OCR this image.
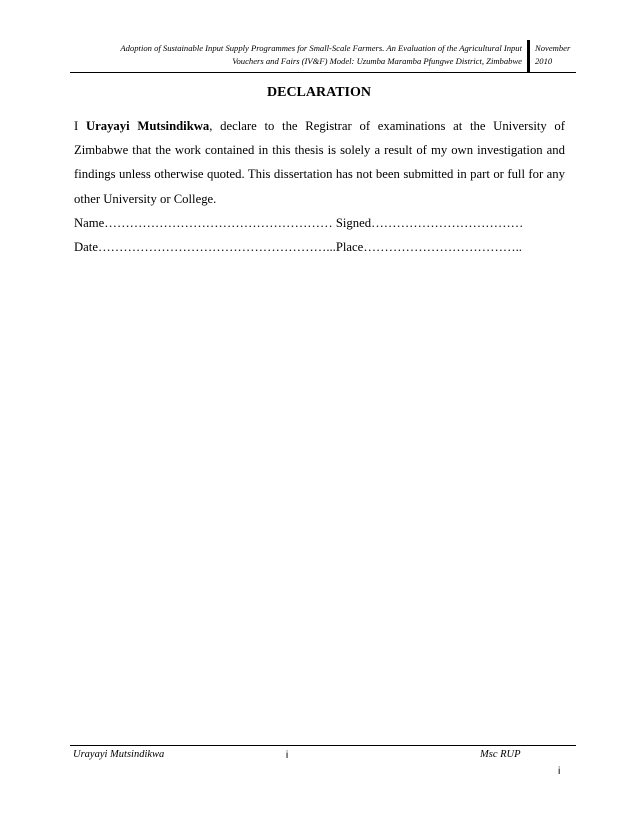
Adoption of Sustainable Input Supply Programmes for Small-Scale Farmers. An Evaluation of the Agricultural Input
Vouchers and Fairs (IV&F) Model: Uzumba Maramba Pfungwe District, Zimbabwe
November
2010
DECLARATION

I Urayayi Mutsindikwa, declare to the Registrar of examinations at the University of

Zimbabwe that the work contained in this thesis is solely a result of my own investigation and findings unless otherwise quoted. This dissertation has not been submitted in part or full for any other University or College.

Name……………………………………………… Signed………………………………

Date………………………………………………...Place………………………………..

Urayayi Mutsindikwa	i	Msc RUP
i
